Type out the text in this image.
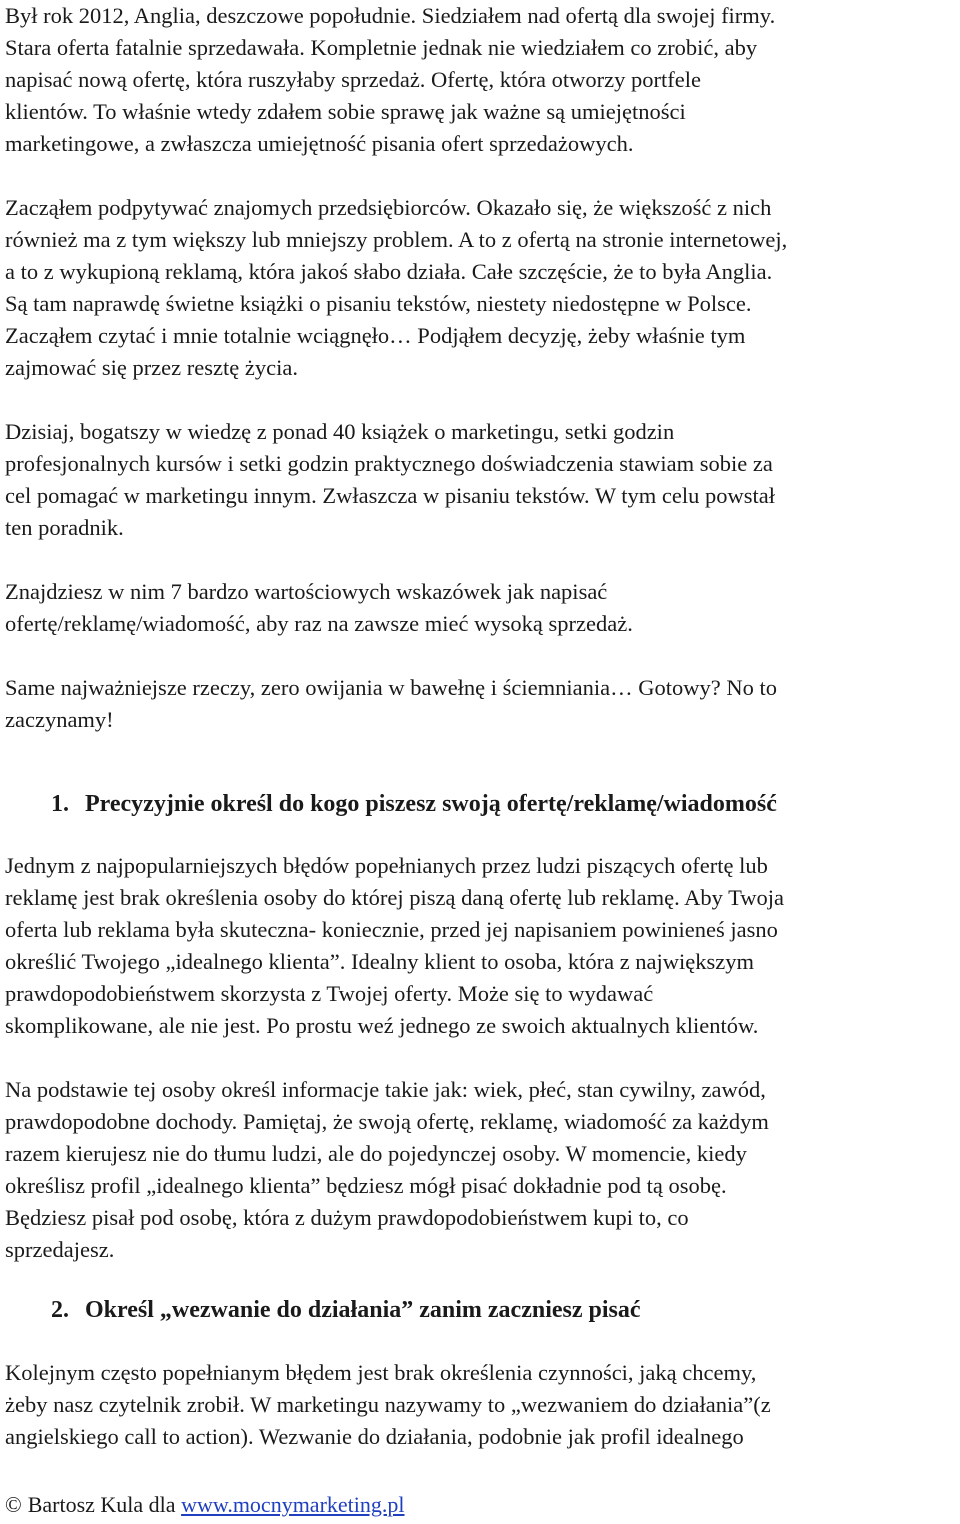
Był rok 2012, Anglia, deszczowe popołudnie. Siedziałem nad ofertą dla swojej firmy.
Stara oferta fatalnie sprzedawała. Kompletnie jednak nie wiedziałem co zrobić, aby
napisać nową ofertę, która ruszyłaby sprzedaż. Ofertę, która otworzy portfele
klientów. To właśnie wtedy zdałem sobie sprawę jak ważne są umiejętności
marketingowe, a zwłaszcza umiejętność pisania ofert sprzedażowych.

Zacząłem podpytywać znajomych przedsiębiorców. Okazało się, że większość z nich
również ma z tym większy lub mniejszy problem. A to z ofertą na stronie internetowej,
a to z wykupioną reklamą, która jakoś słabo działa. Całe szczęście, że to była Anglia.
Są tam naprawdę świetne książki o pisaniu tekstów, niestety niedostępne w Polsce.
Zacząłem czytać i mnie totalnie wciągnęło… Podjąłem decyzję, żeby właśnie tym
zajmować się przez resztę życia.

Dzisiaj, bogatszy w wiedzę z ponad 40 książek o marketingu, setki godzin
profesjonalnych kursów i setki godzin praktycznego doświadczenia stawiam sobie za
cel pomagać w marketingu innym. Zwłaszcza w pisaniu tekstów. W tym celu powstał
ten poradnik.

Znajdziesz w nim 7 bardzo wartościowych wskazówek jak napisać
ofertę/reklamę/wiadomość, aby raz na zawsze mieć wysoką sprzedaż.

Same najważniejsze rzeczy, zero owijania w bawełnę i ściemniania… Gotowy? No to
zaczynamy!

1. Precyzyjnie określ do kogo piszesz swoją ofertę/reklamę/wiadomość

Jednym z najpopularniejszych błędów popełnianych przez ludzi piszących ofertę lub
reklamę jest brak określenia osoby do której piszą daną ofertę lub reklamę. Aby Twoja
oferta lub reklama była skuteczna- koniecznie, przed jej napisaniem powinieneś jasno
określić Twojego „idealnego klienta”. Idealny klient to osoba, która z największym
prawdopodobieństwem skorzysta z Twojej oferty. Może się to wydawać
skomplikowane, ale nie jest. Po prostu weź jednego ze swoich aktualnych klientów.

Na podstawie tej osoby określ informacje takie jak: wiek, płeć, stan cywilny, zawód,
prawdopodobne dochody. Pamiętaj, że swoją ofertę, reklamę, wiadomość za każdym
razem kierujesz nie do tłumu ludzi, ale do pojedynczej osoby. W momencie, kiedy
określisz profil „idealnego klienta” będziesz mógł pisać dokładnie pod tą osobę.
Będziesz pisał pod osobę, która z dużym prawdopodobieństwem kupi to, co
sprzedajesz.

2. Określ „wezwanie do działania” zanim zaczniesz pisać

Kolejnym często popełnianym błędem jest brak określenia czynności, jaką chcemy,
żeby nasz czytelnik zrobił. W marketingu nazywamy to „wezwaniem do działania”(z
angielskiego call to action). Wezwanie do działania, podobnie jak profil idealnego

© Bartosz Kula dla www.mocnymarketing.pl
